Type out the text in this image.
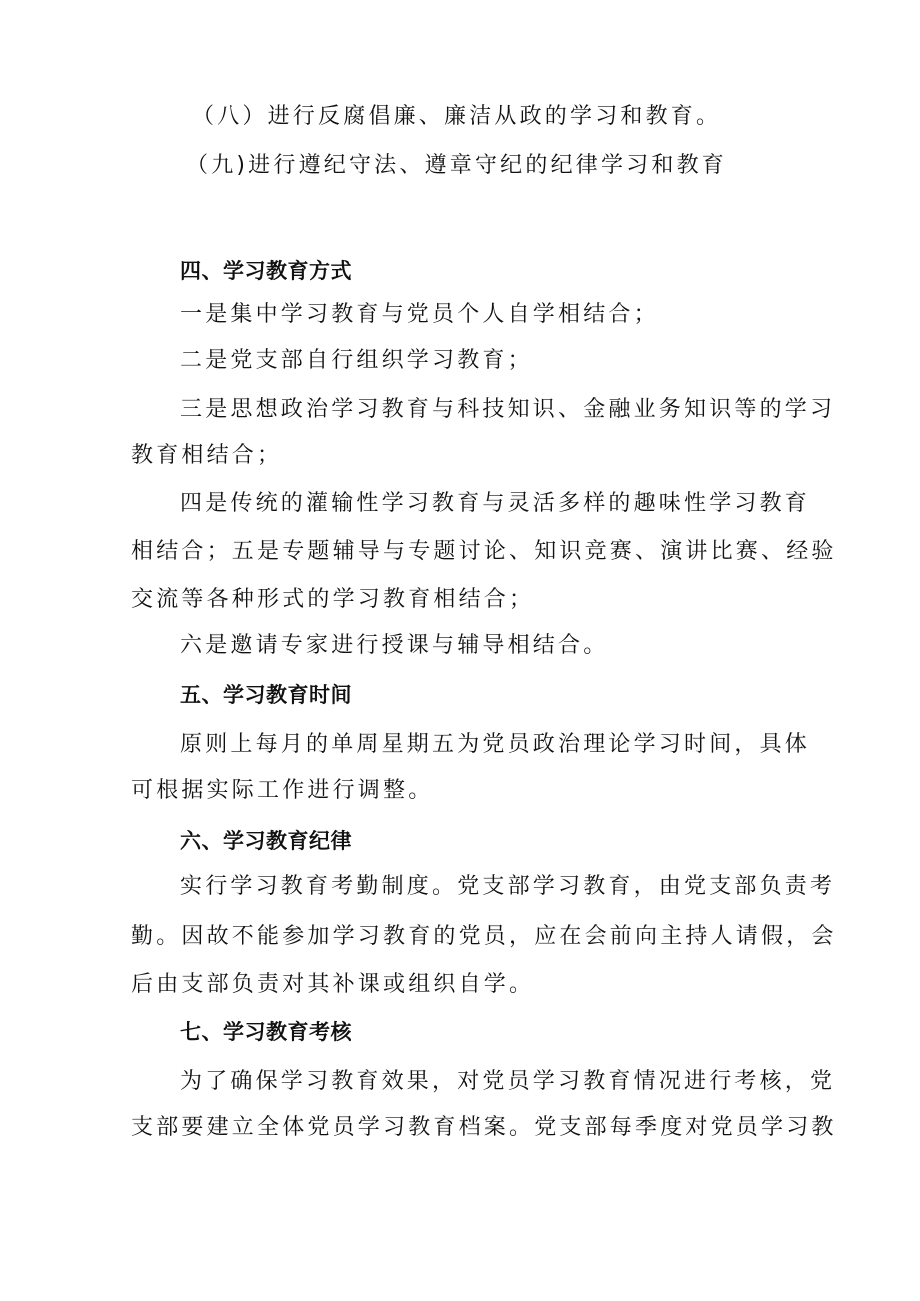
（八）进行反腐倡廉、廉洁从政的学习和教育。
（九)进行遵纪守法、遵章守纪的纪律学习和教育
四、学习教育方式
一是集中学习教育与党员个人自学相结合；
二是党支部自行组织学习教育；
三是思想政治学习教育与科技知识、金融业务知识等的学习
教育相结合；
四是传统的灌输性学习教育与灵活多样的趣味性学习教育
相结合；五是专题辅导与专题讨论、知识竞赛、演讲比赛、经验
交流等各种形式的学习教育相结合；
六是邀请专家进行授课与辅导相结合。
五、学习教育时间
原则上每月的单周星期五为党员政治理论学习时间，具体
可根据实际工作进行调整。
六、学习教育纪律
实行学习教育考勤制度。党支部学习教育，由党支部负责考
勤。因故不能参加学习教育的党员，应在会前向主持人请假，会
后由支部负责对其补课或组织自学。
七、学习教育考核
为了确保学习教育效果，对党员学习教育情况进行考核，党
支部要建立全体党员学习教育档案。党支部每季度对党员学习教
